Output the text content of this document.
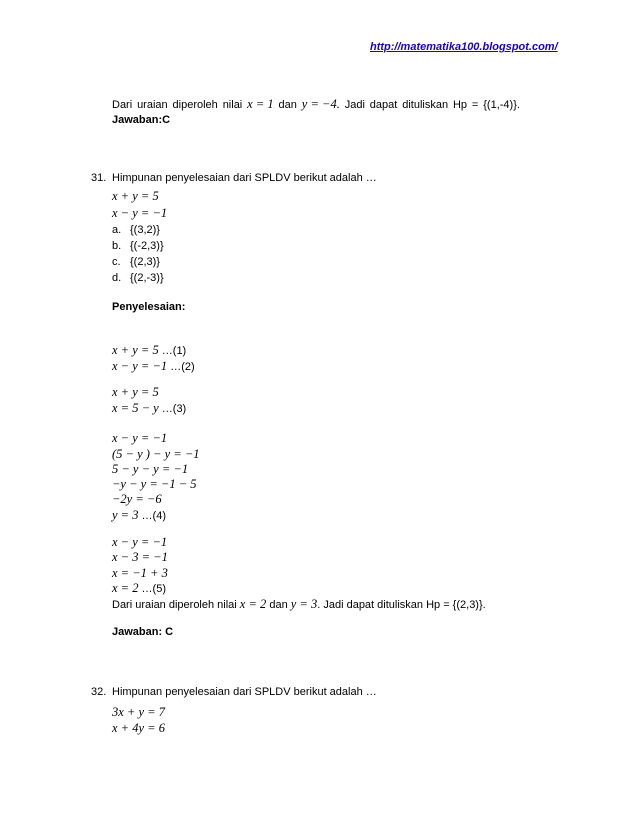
http://matematika100.blogspot.com/
Dari uraian diperoleh nilai x = 1 dan y = −4. Jadi dapat dituliskan Hp = {(1,-4)}.
Jawaban:C
31. Himpunan penyelesaian dari SPLDV berikut adalah …
x + y = 5
x − y = −1
a. {(3,2)}
b. {(-2,3)}
c. {(2,3)}
d. {(2,-3)}
Penyelesaian:
x + y = 5 …(1)
x − y = −1 …(2)
x + y = 5
x = 5 − y …(3)
x − y = −1
(5 − y ) − y = −1
5 − y − y = −1
−y − y = −1 − 5
−2y = −6
y = 3 …(4)
x − y = −1
x − 3 = −1
x = −1 + 3
x = 2 …(5)
Dari uraian diperoleh nilai x = 2 dan y = 3. Jadi dapat dituliskan Hp = {(2,3)}.
Jawaban: C
32. Himpunan penyelesaian dari SPLDV berikut adalah …
3x + y = 7
x + 4y = 6
